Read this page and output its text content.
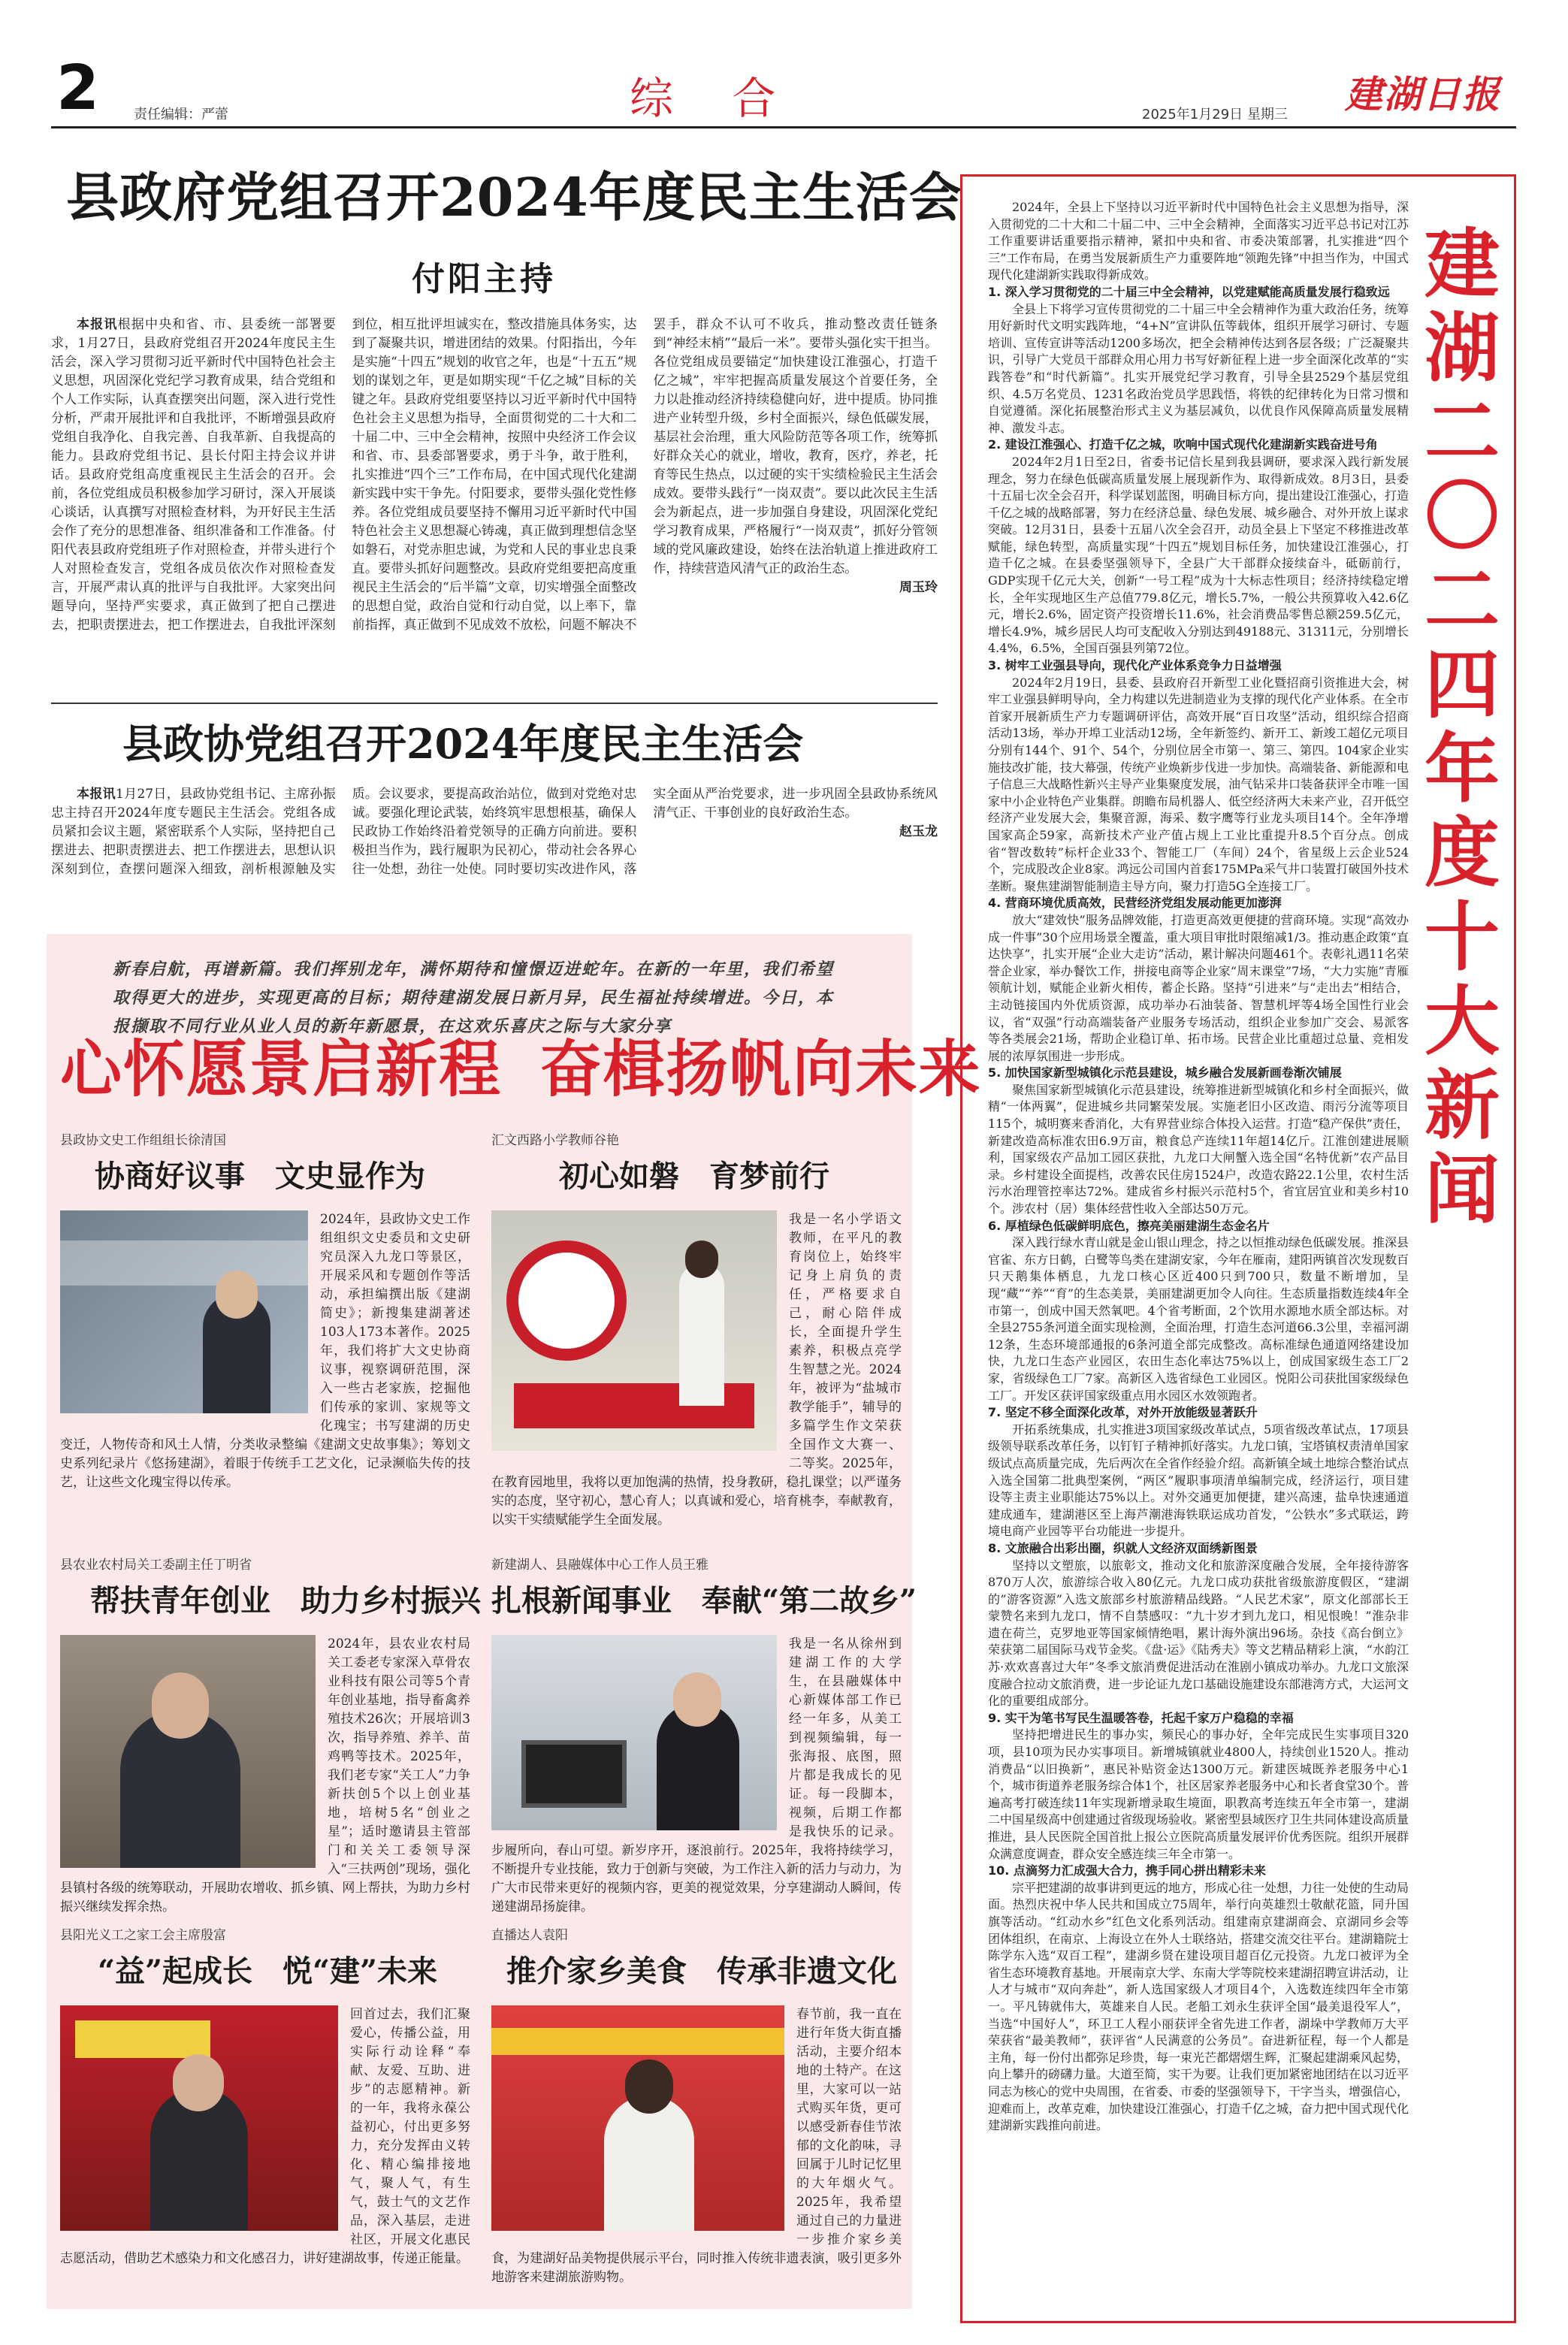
2	责任编辑：严蕾	综 合	2025年1月29日 星期三 建湖日报
县政府党组召开2024年度民主生活会
付阳主持
本报讯根据中央和省、市、县委统一部署要求，1月27日，县政府党组召开2024年度民主生活会，深入学习贯彻习近平新时代中国特色社会主义思想，巩固深化党纪学习教育成果，结合党组和个人工作实际，认真查摆突出问题，深入进行党性分析，严肃开展批评和自我批评，不断增强县政府党组自我净化、自我完善、自我革新、自我提高的能力。县政府党组书记、县长付阳主持会议并讲话。县政府党组高度重视民主生活会的召开。会前，各位党组成员积极参加学习研讨，深入开展谈心谈话，认真撰写对照检查材料，为开好民主生活会作了充分的思想准备、组织准备和工作准备。付阳代表县政府党组班子作对照检查，并带头进行个人对照检查发言，党组各成员依次作对照检查发言，开展严肃认真的批评与自我批评。大家突出问题导向，坚持严实要求，真正做到了把自己摆进去，把职责摆进去，把工作摆进去，自我批评深刻到位，相互批评坦诚实在，整改措施具体务实，达到了凝聚共识，增进团结的效果。付阳指出，今年是实施“十四五”规划的收官之年，也是“十五五”规划的谋划之年，更是如期实现“千亿之城”目标的关键之年。县政府党组要坚持以习近平新时代中国特色社会主义思想为指导，全面贯彻党的二十大和二十届二中、三中全会精神，按照中央经济工作会议和省、市、县委部署要求，勇于斗争，敢于胜利，扎实推进“四个三”工作布局，在中国式现代化建湖新实践中实干争先。付阳要求，要带头强化党性修养。各位党组成员要坚持不懈用习近平新时代中国特色社会主义思想凝心铸魂，真正做到理想信念坚如磐石，对党赤胆忠诚，为党和人民的事业忠良秉直。要带头抓好问题整改。县政府党组要把高度重视民主生活会的“后半篇”文章，切实增强全面整改的思想自觉，政治自觉和行动自觉，以上率下，靠前指挥，真正做到不见成效不放松，问题不解决不罢手，群众不认可不收兵，推动整改责任链条到“神经末梢”“最后一米”。要带头强化实干担当。各位党组成员要锚定“加快建设江淮强心，打造千亿之城”，牢牢把握高质量发展这个首要任务，全力以赴推动经济持续稳健向好，进中提质。协同推进产业转型升级，乡村全面振兴，绿色低碳发展，基层社会治理，重大风险防范等各项工作，统筹抓好群众关心的就业，增收，教育，医疗，养老，托育等民生热点，以过硬的实干实绩检验民主生活会成效。要带头践行“一岗双责”。要以此次民主生活会为新起点，进一步加强自身建设，巩固深化党纪学习教育成果，严格履行“一岗双责”，抓好分管领域的党风廉政建设，始终在法治轨道上推进政府工作，持续营造风清气正的政治生态。
周玉玲
县政协党组召开2024年度民主生活会
本报讯1月27日，县政协党组书记、主席孙振忠主持召开2024年度专题民主生活会。党组各成员紧扣会议主题，紧密联系个人实际，坚持把自己摆进去、把职责摆进去、把工作摆进去，思想认识深刻到位，查摆问题深入细致，剖析根源触及实质。会议要求，要提高政治站位，做到对党绝对忠诚。要强化理论武装，始终筑牢思想根基，确保人民政协工作始终沿着党领导的正确方向前进。要积极担当作为，践行履职为民初心，带动社会各界心往一处想，劲往一处使。同时要切实改进作风，落实全面从严治党要求，进一步巩固全县政协系统风清气正、干事创业的良好政治生态。
赵玉龙
新春启航，再谱新篇。我们挥别龙年，满怀期待和憧憬迈进蛇年。在新的一年里，我们希望取得更大的进步，实现更高的目标；期待建湖发展日新月异，民生福祉持续增进。今日，本报撷取不同行业从业人员的新年新愿景，在这欢乐喜庆之际与大家分享
心怀愿景启新程 奋楫扬帆向未来
县政协文史工作组组长徐清国
协商好议事　文史显作为
2024年，县政协文史工作组组织文史委员和文史研究员深入九龙口等景区，开展采风和专题创作等活动，承担编撰出版《建湖简史》；新搜集建湖著述103人173本著作。2025年，我们将扩大文史协商议事，视察调研范围，深入一些古老家族，挖掘他们传承的家训、家规等文化瑰宝；书写建湖的历史变迁，人物传奇和风土人情，分类收录整编《建湖文史故事集》；筹划文史系列纪录片《悠扬建湖》，着眼于传统手工艺文化，记录濒临失传的技艺，让这些文化瑰宝得以传承。
汇文西路小学教师谷艳
初心如磐　育梦前行
我是一名小学语文教师，在平凡的教育岗位上，始终牢记身上肩负的责任，严格要求自己，耐心陪伴成长，全面提升学生素养，积极点亮学生智慧之光。2024年，被评为“盐城市教学能手”，辅导的多篇学生作文荣获全国作文大赛一、二等奖。2025年，在教育园地里，我将以更加饱满的热情，投身教研，稳扎课堂；以严谨务实的态度，坚守初心，慧心育人；以真诚和爱心，培育桃李，奉献教育，以实干实绩赋能学生全面发展。
县农业农村局关工委副主任丁明省
帮扶青年创业　助力乡村振兴
2024年，县农业农村局关工委老专家深入草骨农业科技有限公司等5个青年创业基地，指导畜禽养殖技术26次；开展培训3次，指导养殖、养羊、苗鸡鸭等技术。2025年，我们老专家“关工人”力争新扶创5个以上创业基地，培树5名“创业之星”；适时邀请县主管部门和关关工委领导深入“三扶两创”现场，强化县镇村各级的统筹联动，开展助农增收、抓乡镇、网上帮扶，为助力乡村振兴继续发挥余热。
新建湖人、县融媒体中心工作人员王雅
扎根新闻事业　奉献“第二故乡”
我是一名从徐州到建湖工作的大学生，在县融媒体中心新媒体部工作已经一年多，从美工到视频编辑，每一张海报、底图，照片都是我成长的见证。每一段脚本，视频，后期工作都是我快乐的记录。步履所向，春山可望。新岁序开，逐浪前行。2025年，我将持续学习，不断提升专业技能，致力于创新与突破，为工作注入新的活力与动力，为广大市民带来更好的视频内容，更美的视觉效果，分享建湖动人瞬间，传递建湖昂扬旋律。
县阳光义工之家工会主席殷富
“益”起成长　悦“建”未来
回首过去，我们汇聚爱心，传播公益，用实际行动诠释“奉献、友爱、互助、进步”的志愿精神。新的一年，我将永葆公益初心，付出更多努力，充分发挥由义转化、精心编排接地气，聚人气，有生气，鼓士气的文艺作品，深入基层，走进社区，开展文化惠民志愿活动，借助艺术感染力和文化感召力，讲好建湖故事，传递正能量。
直播达人袁阳
推介家乡美食　传承非遗文化
春节前，我一直在进行年货大街直播活动，主要介绍本地的土特产。在这里，大家可以一站式购买年货，更可以感受新春佳节浓郁的文化韵味，寻回属于儿时记忆里的大年烟火气。2025年，我希望通过自己的力量进一步推介家乡美食，为建湖好品美物提供展示平台，同时推入传统非遗表演，吸引更多外地游客来建湖旅游购物。
建湖二〇二四年度十大新闻
2024年，全县上下坚持以习近平新时代中国特色社会主义思想为指导，深入贯彻党的二十大和二十届二中、三中全会精神，全面落实习近平总书记对江苏工作重要讲话重要指示精神，紧扣中央和省、市委决策部署，扎实推进“四个三”工作布局，在勇当发展新质生产力重要阵地“领跑先锋”中担当作为，中国式现代化建湖新实践取得新成效。
1. 深入学习贯彻党的二十届三中全会精神，以党建赋能高质量发展行稳致远
全县上下将学习宣传贯彻党的二十届三中全会精神作为重大政治任务，统筹用好新时代文明实践阵地，“4+N”宣讲队伍等载体，组织开展学习研讨、专题培训、宣传宣讲等活动1200多场次，把全会精神传达到各层各级；广泛凝聚共识，引导广大党员干部群众用心用力书写好新征程上进一步全面深化改革的“实践答卷”和“时代新篇”。扎实开展党纪学习教育，引导全县2529个基层党组织、4.5万名党员、1231名政治党员学思践悟，将铁的纪律转化为日常习惯和自觉遵循。深化拓展整治形式主义为基层减负，以优良作风保障高质量发展精神、激发斗志。
2. 建设江淮强心、打造千亿之城，吹响中国式现代化建湖新实践奋进号角
2024年2月1日至2日，省委书记信长星到我县调研，要求深入践行新发展理念，努力在绿色低碳高质量发展上展现新作为、取得新成效。8月3日，县委十五届七次全会召开，科学谋划蓝图，明确目标方向，提出建设江淮强心，打造千亿之城的战略部署，努力在经济总量、绿色发展、城乡融合、对外开放上谋求突破。12月31日，县委十五届八次全会召开，动员全县上下坚定不移推进改革赋能，绿色转型，高质量实现“十四五”规划目标任务，加快建设江淮强心，打造千亿之城。在县委坚强领导下，全县广大干部群众接续奋斗，砥砺前行，GDP实现千亿元大关，创新“一号工程”成为十大标志性项目；经济持续稳定增长，全年实现地区生产总值779.8亿元，增长5.7%，一般公共预算收入42.6亿元，增长2.6%，固定资产投资增长11.6%，社会消费品零售总额259.5亿元，增长4.9%，城乡居民人均可支配收入分别达到49188元、31311元，分别增长4.4%，6.5%，全国百强县列第72位。
3. 树牢工业强县导向，现代化产业体系竞争力日益增强
2024年2月19日，县委、县政府召开新型工业化暨招商引资推进大会，树牢工业强县鲜明导向，全力构建以先进制造业为支撑的现代化产业体系。在全市首家开展新质生产力专题调研评估，高效开展“百日攻坚”活动，组织综合招商活动13场，举办开埠工业活动12场，全年新签约、新开工、新竣工超亿元项目分别有144个、91个、54个，分别位居全市第一、第三、第四。104家企业实施技改扩能，技大幕强，传统产业焕新步伐进一步加快。高端装备、新能源和电子信息三大战略性新兴主导产业集聚度发展，油气钻采井口装备获评全市唯一国家中小企业特色产业集群。朗瞻布局机器人、低空经济两大未来产业，召开低空经济产业发展大会，集聚音源，海采、数字鹰等行业龙头项目14个。全年净增国家高企59家，高新技术产业产值占规上工业比重提升8.5个百分点。创成省“智改数转”标杆企业33个、智能工厂（车间）24个，省星级上云企业524个，完成股改企业8家。鸿远公司国内首套175MPa采气井口装置打破国外技术垄断。聚焦建湖智能制造主导方向，聚力打造5G全连接工厂。
4. 营商环境优质高效，民营经济党组发展动能更加澎湃
放大“建效快”服务品牌效能，打造更高效更便捷的营商环境。实现“高效办成一件事”30个应用场景全覆盖，重大项目审批时限缩减1/3。推动惠企政策“直达快享”，扎实开展“企业大走访”活动，累计解决问题461个。表彰礼遇11名荣誉企业家，举办餐饮工作，拼接电商等企业家“周末课堂”7场，“大力实施”青雁领航计划，赋能企业新火相传，蓄企长路。坚持“引进来”与“走出去”相结合，主动链接国内外优质资源，成功举办石油装备、智慧机坪等4场全国性行业会议，省“双强”行动高端装备产业服务专场活动，组织企业参加广交会、易派客等各类展会21场，帮助企业稳订单、拓市场。民营企业比重超过总量、竞相发展的浓厚氛围进一步形成。
5. 加快国家新型城镇化示范县建设，城乡融合发展新画卷渐次铺展
聚焦国家新型城镇化示范县建设，统筹推进新型城镇化和乡村全面振兴，做精“一体两翼”，促进城乡共同繁荣发展。实施老旧小区改造、雨污分流等项目115个，城明赛来香消化，大有界营业综合体投入运营。打造“稳产保供”责任，新建改造高标准农田6.9万亩，粮食总产连续11年超14亿斤。江淮创建进展顺利，国家级农产品加工园区获批，九龙口大闸蟹入选全国“名特优新”农产品目录。乡村建设全面提档，改善农民住房1524户，改造农路22.1公里，农村生活污水治理管控率达72%。建成省乡村振兴示范村5个，省宜居宜业和美乡村10个。涉农村（居）集体经营性收入全部达50万元。
6. 厚植绿色低碳鲜明底色，擦亮美丽建湖生态金名片
深入践行绿水青山就是金山银山理念，持之以恒推动绿色低碳发展。推深县官雀、东方日鹤，白鹭等鸟类在建湖安家，今年在雁南，建阳两镇首次发现数百只天鹅集体栖息，九龙口核心区近400只到700只，数量不断增加，呈现“藏”“养”“育”的生态美景，美丽建湖更加令人向往。生态质量指数连续4年全市第一，创成中国天然氧吧。4个省考断面，2个饮用水源地水质全部达标。对全县2755条河道全面实现检测，全面治理，打造生态河道66.3公里，幸福河湖12条，生态环境部通报的6条河道全部完成整改。高标准绿色通道网络建设加快，九龙口生态产业园区，农田生态化率达75%以上，创成国家级生态工厂2家，省级绿色工厂7家。高新区入选省绿色工业园区。悦阳公司获批国家级绿色工厂。开发区获评国家级重点用水园区水效领跑者。
7. 坚定不移全面深化改革，对外开放能级显著跃升
开拓系统集成，扎实推进3项国家级改革试点，5项省级改革试点，17项县级领导联系改革任务，以钉钉子精神抓好落实。九龙口镇，宝塔镇权责清单国家级试点高质量完成，先后两次在全省作经验介绍。高新镇全域土地综合整治试点入选全国第二批典型案例，“两区”履职事项清单编制完成，经济运行，项目建设等主责主业职能达75%以上。对外交通更加便捷，建兴高速，盐阜快速通道建成通车，建湖港区至上海芦潮港海铁联运成功首发，“公铁水”多式联运，跨境电商产业园等平台功能进一步提升。
8. 文旅融合出彩出圈，织就人文经济双面绣新图景
坚持以文塑旅，以旅彰文，推动文化和旅游深度融合发展，全年接待游客870万人次，旅游综合收入80亿元。九龙口成功获批省级旅游度假区，“建湖的”游客资源”入选文旅部乡村旅游精品线路。“人民艺术家”，原文化部部长王蒙赞名来到九龙口，情不自禁感叹：“九十岁才到九龙口，相见恨晚！”淮杂非遗在荷兰，克罗地亚等国家倾情绝唱，累计海外演出96场。杂技《高台倒立》荣获第二届国际马戏节金奖。《盘·运》《陆秀夫》等文艺精品精彩上演，“水韵江苏·欢欢喜喜过大年”冬季文旅消费促进活动在淮剧小镇成功举办。九龙口文旅深度融合拉动文旅消费，进一步论证九龙口基础设施建设东部港湾方式，大运河文化的重要组成部分。
9. 实干为笔书写民生温暖答卷，托起千家万户稳稳的幸福
坚持把增进民生的事办实，频民心的事办好，全年完成民生实事项目320项，县10项为民办实事项目。新增城镇就业4800人，持续创业1520人。推动消费品“以旧换新”，惠民补贴资金达1300万元。新建医城既养老服务中心1个，城市街道养老服务综合体1个，社区居家养老服务中心和长者食堂30个。普遍高考打破连续11年实现新增录取生境面，职教高考连续五年全市第一，建湖二中国星级高中创建通过省级现场验收。紧密型县域医疗卫生共同体建设高质量推进，县人民医院全国首批上报公立医院高质量发展评价优秀医院。组织开展群众满意度调查，群众安全感连续三年全市第一。
10. 点滴努力汇成强大合力，携手同心拼出精彩未来
宗平把建湖的故事讲到更远的地方，形成心往一处想，力往一处使的生动局面。热烈庆祝中华人民共和国成立75周年，举行向英雄烈士敬献花篮，同升国旗等活动。“红动水乡”红色文化系列活动。组建南京建湖商会、京湖同乡会等团体组织，在南京、上海设立在外人士联络站，搭建交流交往平台。建湖籍院士陈学东入选“双百工程”，建湖乡贤在建设项目超百亿元投资。九龙口被评为全省生态环境教育基地。开展南京大学、东南大学等院校来建湖招聘宣讲活动，让人才与城市“双向奔赴”，新人选国家级人才项目4个，入选数连续四年全市第一。平凡铸就伟大，英雄来自人民。老船工刘永生获评全国“最美退役军人”，当选“中国好人”，环卫工人程小丽获评全省先进工作者，湖垛中学教师万大平荣获省“最美教师”，获评省“人民满意的公务员”。奋进新征程，每一个人都是主角，每一份付出都弥足珍贵，每一束光芒都熠熠生辉，汇聚起建湖乘风起势，向上攀升的磅礴力量。大道至简，实干为要。让我们更加紧密地团结在以习近平同志为核心的党中央周围，在省委、市委的坚强领导下，干字当头，增强信心，迎难而上，改革克难，加快建设江淮强心，打造千亿之城，奋力把中国式现代化建湖新实践推向前进。
